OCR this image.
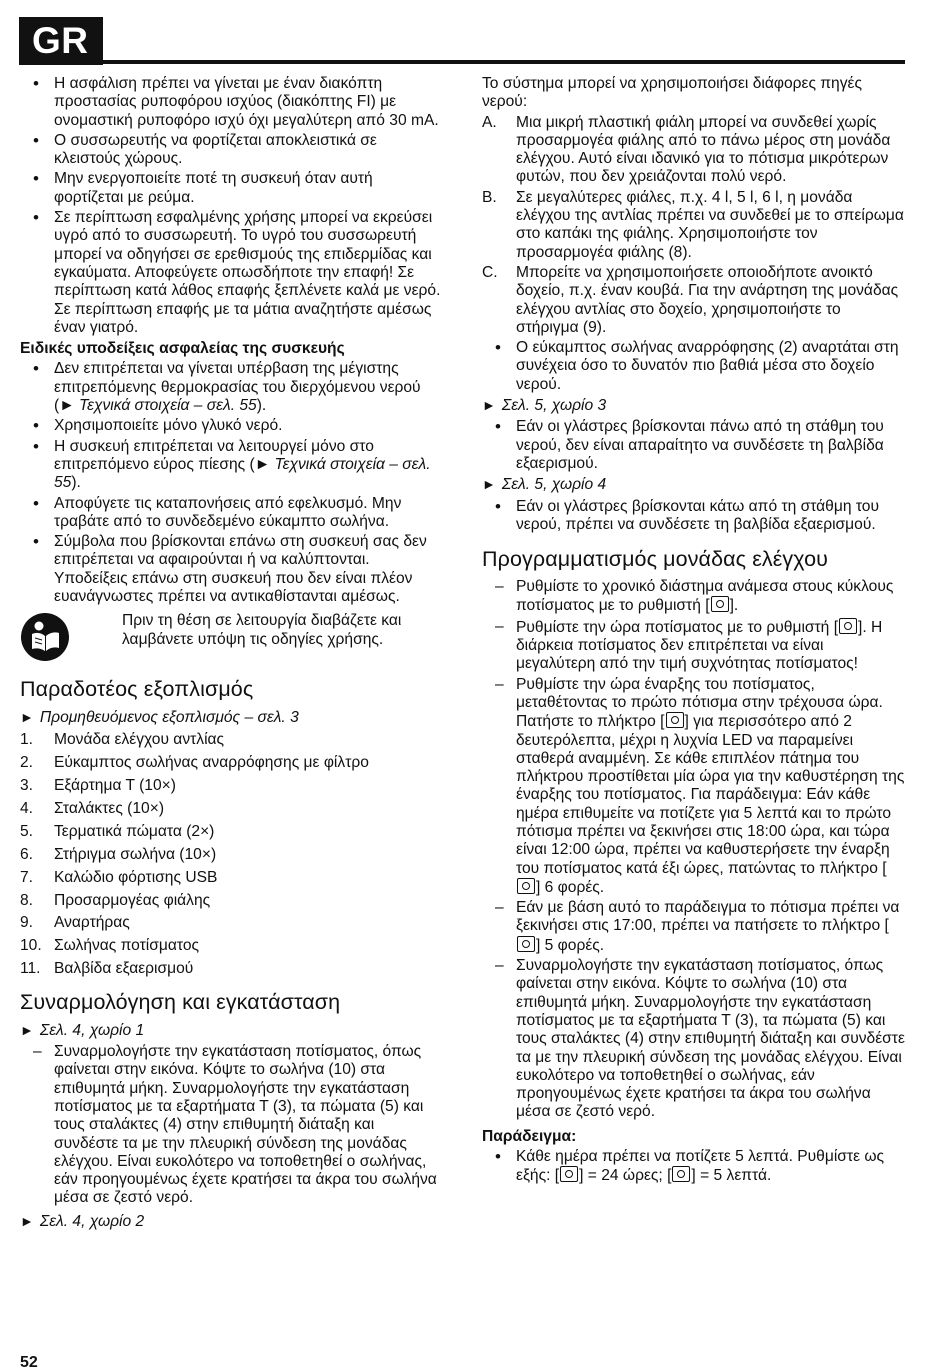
GR
• Η ασφάλιση πρέπει να γίνεται με έναν διακόπτη προστασίας ρυποφόρου ισχύος (διακόπτης FI) με ονομαστική ρυποφόρο ισχύ όχι μεγαλύτερη από 30 mA.
• Ο συσσωρευτής να φορτίζεται αποκλειστικά σε κλειστούς χώρους.
• Μην ενεργοποιείτε ποτέ τη συσκευή όταν αυτή φορτίζεται με ρεύμα.
• Σε περίπτωση εσφαλμένης χρήσης μπορεί να εκρεύσει υγρό από το συσσωρευτή. Το υγρό του συσσωρευτή μπορεί να οδηγήσει σε ερεθισμούς της επιδερμίδας και εγκαύματα. Αποφεύγετε οπωσδήποτε την επαφή! Σε περίπτωση κατά λάθος επαφής ξεπλένετε καλά με νερό. Σε περίπτωση επαφής με τα μάτια αναζητήστε αμέσως έναν γιατρό.
Ειδικές υποδείξεις ασφαλείας της συσκευής
• Δεν επιτρέπεται να γίνεται υπέρβαση της μέγιστης επιτρεπόμενης θερμοκρασίας του διερχόμενου νερού (► Τεχνικά στοιχεία – σελ. 55).
• Χρησιμοποιείτε μόνο γλυκό νερό.
• Η συσκευή επιτρέπεται να λειτουργεί μόνο στο επιτρεπόμενο εύρος πίεσης (► Τεχνικά στοιχεία – σελ. 55).
• Αποφύγετε τις καταπονήσεις από εφελκυσμό. Μην τραβάτε από το συνδεδεμένο εύκαμπτο σωλήνα.
• Σύμβολα που βρίσκονται επάνω στη συσκευή σας δεν επιτρέπεται να αφαιρούνται ή να καλύπτονται. Υποδείξεις επάνω στη συσκευή που δεν είναι πλέον ευανάγνωστες πρέπει να αντικαθίστανται αμέσως.
Πριν τη θέση σε λειτουργία διαβάζετε και λαμβάνετε υπόψη τις οδηγίες χρήσης.
Παραδοτέος εξοπλισμός
► Προμηθευόμενος εξοπλισμός – σελ. 3
1. Μονάδα ελέγχου αντλίας
2. Εύκαμπτος σωλήνας αναρρόφησης με φίλτρο
3. Εξάρτημα Τ (10×)
4. Σταλάκτες (10×)
5. Τερματικά πώματα (2×)
6. Στήριγμα σωλήνα (10×)
7. Καλώδιο φόρτισης USB
8. Προσαρμογέας φιάλης
9. Αναρτήρας
10. Σωλήνας ποτίσματος
11. Βαλβίδα εξαερισμού
Συναρμολόγηση και εγκατάσταση
► Σελ. 4, χωρίο 1
– Συναρμολογήστε την εγκατάσταση ποτίσματος, όπως φαίνεται στην εικόνα. Κόψτε το σωλήνα (10) στα επιθυμητά μήκη. Συναρμολογήστε την εγκατάσταση ποτίσματος με τα εξαρτήματα Τ (3), τα πώματα (5) και τους σταλάκτες (4) στην επιθυμητή διάταξη και συνδέστε τα με την πλευρική σύνδεση της μονάδας ελέγχου. Είναι ευκολότερο να τοποθετηθεί ο σωλήνας, εάν προηγουμένως έχετε κρατήσει τα άκρα του σωλήνα μέσα σε ζεστό νερό.
► Σελ. 4, χωρίο 2
Το σύστημα μπορεί να χρησιμοποιήσει διάφορες πηγές νερού:
A. Μια μικρή πλαστική φιάλη μπορεί να συνδεθεί χωρίς προσαρμογέα φιάλης από το πάνω μέρος στη μονάδα ελέγχου. Αυτό είναι ιδανικό για το πότισμα μικρότερων φυτών, που δεν χρειάζονται πολύ νερό.
B. Σε μεγαλύτερες φιάλες, π.χ. 4 l, 5 l, 6 l, η μονάδα ελέγχου της αντλίας πρέπει να συνδεθεί με το σπείρωμα στο καπάκι της φιάλης. Χρησιμοποιήστε τον προσαρμογέα φιάλης (8).
C. Μπορείτε να χρησιμοποιήσετε οποιοδήποτε ανοικτό δοχείο, π.χ. έναν κουβά. Για την ανάρτηση της μονάδας ελέγχου αντλίας στο δοχείο, χρησιμοποιήστε το στήριγμα (9).
• Ο εύκαμπτος σωλήνας αναρρόφησης (2) αναρτάται στη συνέχεια όσο το δυνατόν πιο βαθιά μέσα στο δοχείο νερού.
► Σελ. 5, χωρίο 3
• Εάν οι γλάστρες βρίσκονται πάνω από τη στάθμη του νερού, δεν είναι απαραίτητο να συνδέσετε τη βαλβίδα εξαερισμού.
► Σελ. 5, χωρίο 4
• Εάν οι γλάστρες βρίσκονται κάτω από τη στάθμη του νερού, πρέπει να συνδέσετε τη βαλβίδα εξαερισμού.
Προγραμματισμός μονάδας ελέγχου
– Ρυθμίστε το χρονικό διάστημα ανάμεσα στους κύκλους ποτίσματος με το ρυθμιστή [ ].
– Ρυθμίστε την ώρα ποτίσματος με το ρυθμιστή [ ]. Η διάρκεια ποτίσματος δεν επιτρέπεται να είναι μεγαλύτερη από την τιμή συχνότητας ποτίσματος!
– Ρυθμίστε την ώρα έναρξης του ποτίσματος, μεταθέτοντας το πρώτο πότισμα στην τρέχουσα ώρα. Πατήστε το πλήκτρο [ ] για περισσότερο από 2 δευτερόλεπτα, μέχρι η λυχνία LED να παραμείνει σταθερά αναμμένη. Σε κάθε επιπλέον πάτημα του πλήκτρου προστίθεται μία ώρα για την καθυστέρηση της έναρξης του ποτίσματος. Για παράδειγμα: Εάν κάθε ημέρα επιθυμείτε να ποτίζετε για 5 λεπτά και το πρώτο πότισμα πρέπει να ξεκινήσει στις 18:00 ώρα, και τώρα είναι 12:00 ώρα, πρέπει να καθυστερήσετε την έναρξη του ποτίσματος κατά έξι ώρες, πατώντας το πλήκτρο [] 6 φορές.
– Εάν με βάση αυτό το παράδειγμα το πότισμα πρέπει να ξεκινήσει στις 17:00, πρέπει να πατήσετε το πλήκτρο [] 5 φορές.
– Συναρμολογήστε την εγκατάσταση ποτίσματος, όπως φαίνεται στην εικόνα. Κόψτε το σωλήνα (10) στα επιθυμητά μήκη. Συναρμολογήστε την εγκατάσταση ποτίσματος με τα εξαρτήματα Τ (3), τα πώματα (5) και τους σταλάκτες (4) στην επιθυμητή διάταξη και συνδέστε τα με την πλευρική σύνδεση της μονάδας ελέγχου. Είναι ευκολότερο να τοποθετηθεί ο σωλήνας, εάν προηγουμένως έχετε κρατήσει τα άκρα του σωλήνα μέσα σε ζεστό νερό.
Παράδειγμα:
• Κάθε ημέρα πρέπει να ποτίζετε 5 λεπτά. Ρυθμίστε ως εξής: [ ] = 24 ώρες; [ ] = 5 λεπτά.
52
